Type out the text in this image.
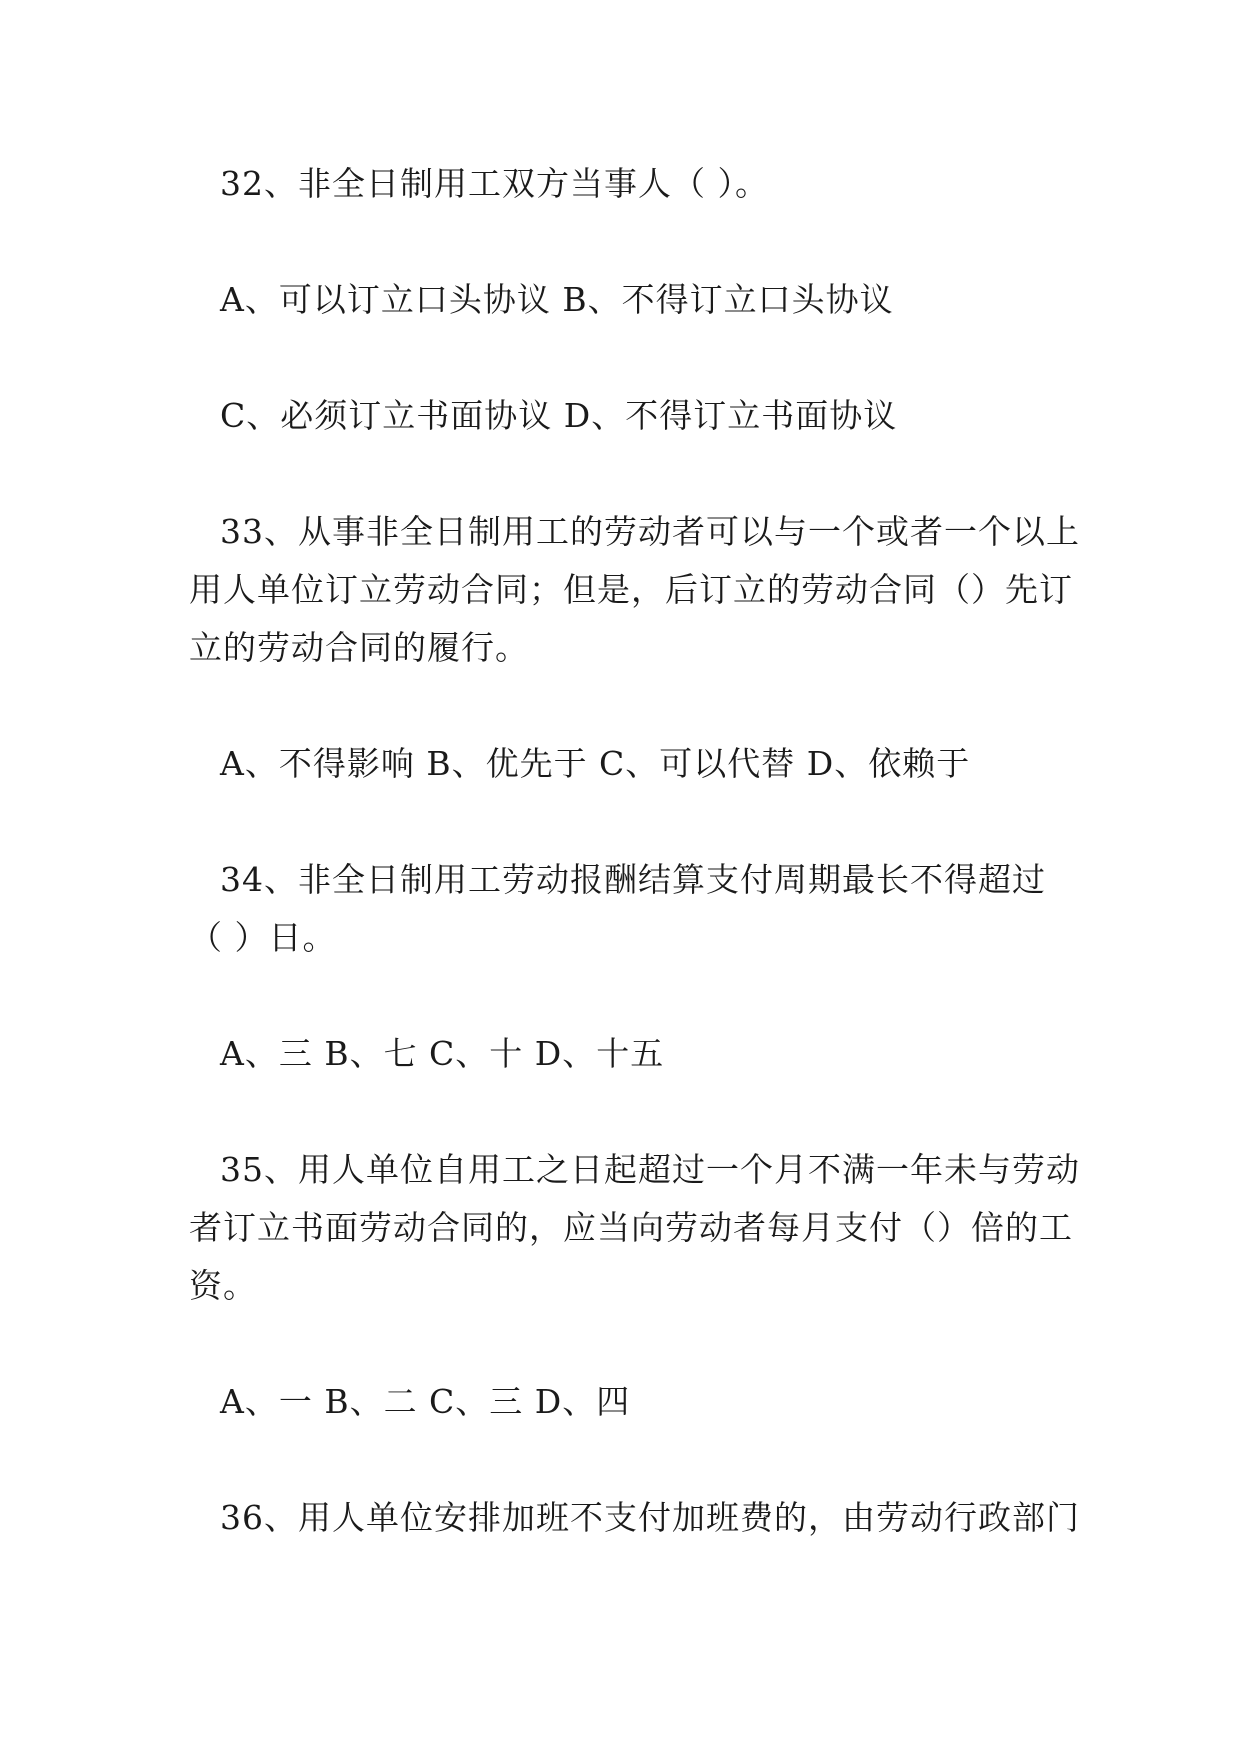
32、非全日制用工双方当事人（ ）。
A、可以订立口头协议 B、不得订立口头协议
C、必须订立书面协议 D、不得订立书面协议
33、从事非全日制用工的劳动者可以与一个或者一个以上
用人单位订立劳动合同；但是，后订立的劳动合同（）先订
立的劳动合同的履行。
A、不得影响 B、优先于 C、可以代替 D、依赖于
34、非全日制用工劳动报酬结算支付周期最长不得超过
（ ）日。
A、三 B、七 C、十 D、十五
35、用人单位自用工之日起超过一个月不满一年未与劳动
者订立书面劳动合同的，应当向劳动者每月支付（）倍的工
资。
A、一 B、二 C、三 D、四
36、用人单位安排加班不支付加班费的，由劳动行政部门
